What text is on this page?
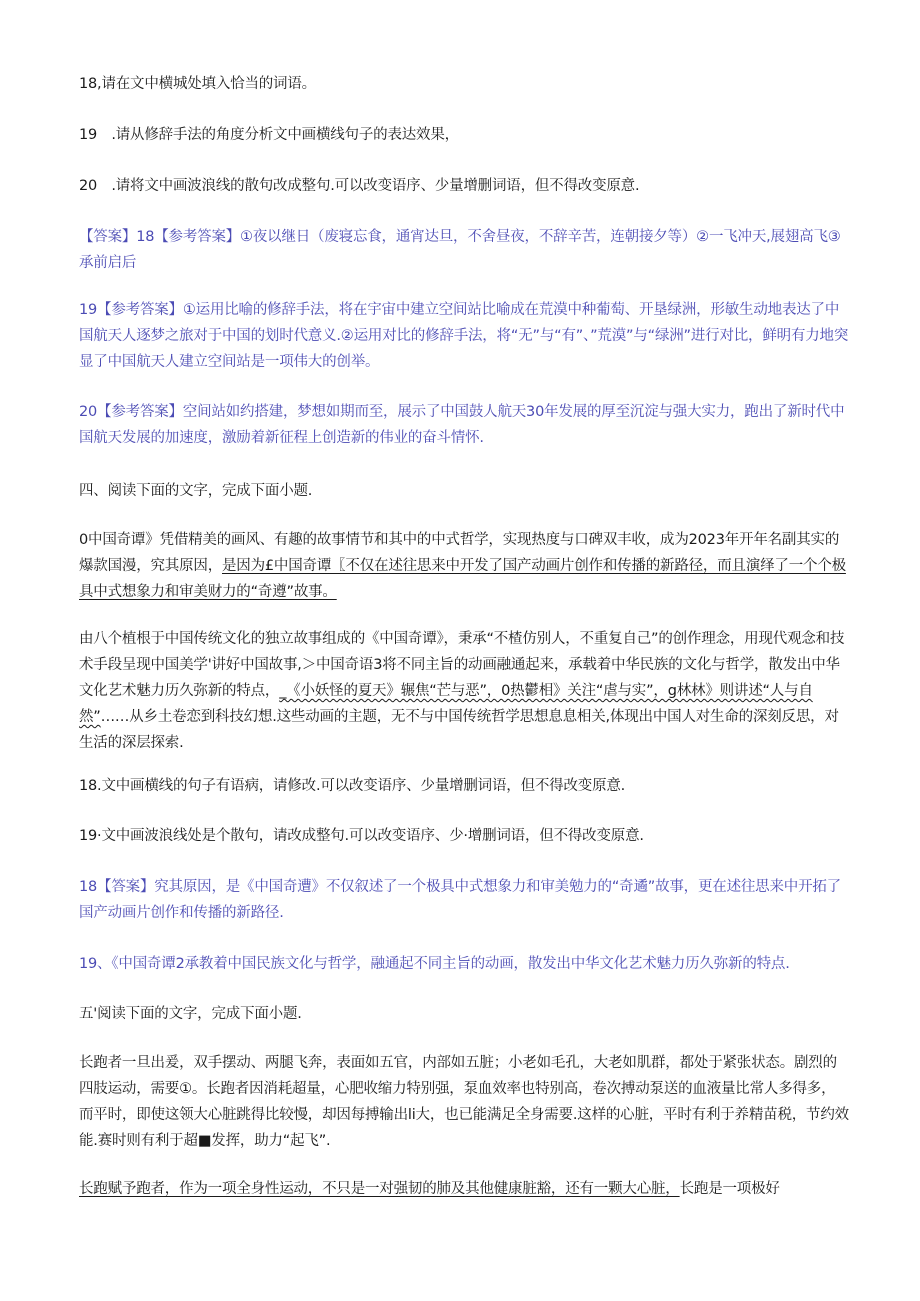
18,请在文中横城处填入恰当的词语。

19　.请从修辞手法的角度分析文中画横线句子的表达效果，

20　.请将文中画波浪线的散句改成整句.可以改变语序、少量增删词语，但不得改变原意.

【答案】18【参考答案】①夜以继日（废寝忘食，通宵达旦，不舍昼夜，不辞辛苦，连朝接夕等）②一飞冲天,展翅高飞③承前启后

19【参考答案】①运用比喻的修辞手法，将在宇宙中建立空间站比喻成在荒漠中种葡萄、开垦绿洲，形敏生动地表达了中国航天人逐梦之旅对于中国的划时代意义.②运用对比的修辞手法，将“无”与“有”、”荒漠”与“绿洲”进行对比，鲜明有力地突显了中国航天人建立空间站是一项伟大的创举。

20【参考答案】空间站如约搭建，梦想如期而至，展示了中国鼓人航天30年发展的厚至沉淀与强大实力，跑出了新时代中国航天发展的加速度，激励着新征程上创造新的伟业的奋斗情怀.

四、阅读下面的文字，完成下面小题.

0中国奇谭》凭借精美的画风、有趣的故事情节和其中的中式哲学，实现热度与口碑双丰收，成为2023年开年名副其实的爆款国漫，究其原因，是因为£中国奇谭〖不仅在述往思来中开发了国产动画片创作和传播的新路径，而且演绎了一个个极具中式想象力和审美财力的“奇遵”故事。

由八个植根于中国传统文化的独立故事组成的《中国奇谭》，秉承“不楂仿别人，不重复自己”的创作理念，用现代观念和技术手段呈现中国美学'讲好中国故事,＞中国奇语3将不同主旨的动画融通起来，承载着中华民族的文化与哲学，散发出中华文化艺术魅力历久弥新的特点，_《小妖怪的夏天》辗焦“芒与恶”，0热鬱相》关注“虐与实”，g林林》则讲述“人与自然”……从乡土卷恋到科技幻想.这些动画的主题，无不与中国传统哲学思想息息相关,体现出中国人对生命的深刻反思，对生活的深层探索.

18.文中画横线的句子有语病，请修改.可以改变语序、少量增删词语，但不得改变原意.

19·文中画波浪线处是个散句，请改成整句.可以改变语序、少·增删词语，但不得改变原意.

18【答案】究其原因，是《中国奇遭》不仅叙述了一个极具中式想象力和审美勉力的“奇遹”故事，更在述往思来中开拓了国产动画片创作和传播的新路径.

19、《中国奇谭2承教着中国民族文化与哲学，融通起不同主旨的动画，散发出中华文化艺术魅力历久弥新的特点.

五'阅读下面的文字，完成下面小题.

长跑者一旦出爰，双手摆动、两腿飞奔，表面如五官，内部如五脏；小老如毛孔，大老如肌群，都处于紧张状态。剧烈的四肢运动，需要①。长跑者因消耗超量，心肥收缩力特别强，泵血效率也特别高，卷次搏动泵送的血液量比常人多得多，而平时，即使这领大心脏跳得比较慢，却因每搏输出li大，也已能满足全身需要.这样的心脏，平时有利于养精苗税，节约效能.赛时则有利于超■发挥，助力“起飞”.

长跑赋予跑者，作为一项全身性运动，不只是一对强韧的肺及其他健康脏豁，还有一颗大心脏，长跑是一项极好
